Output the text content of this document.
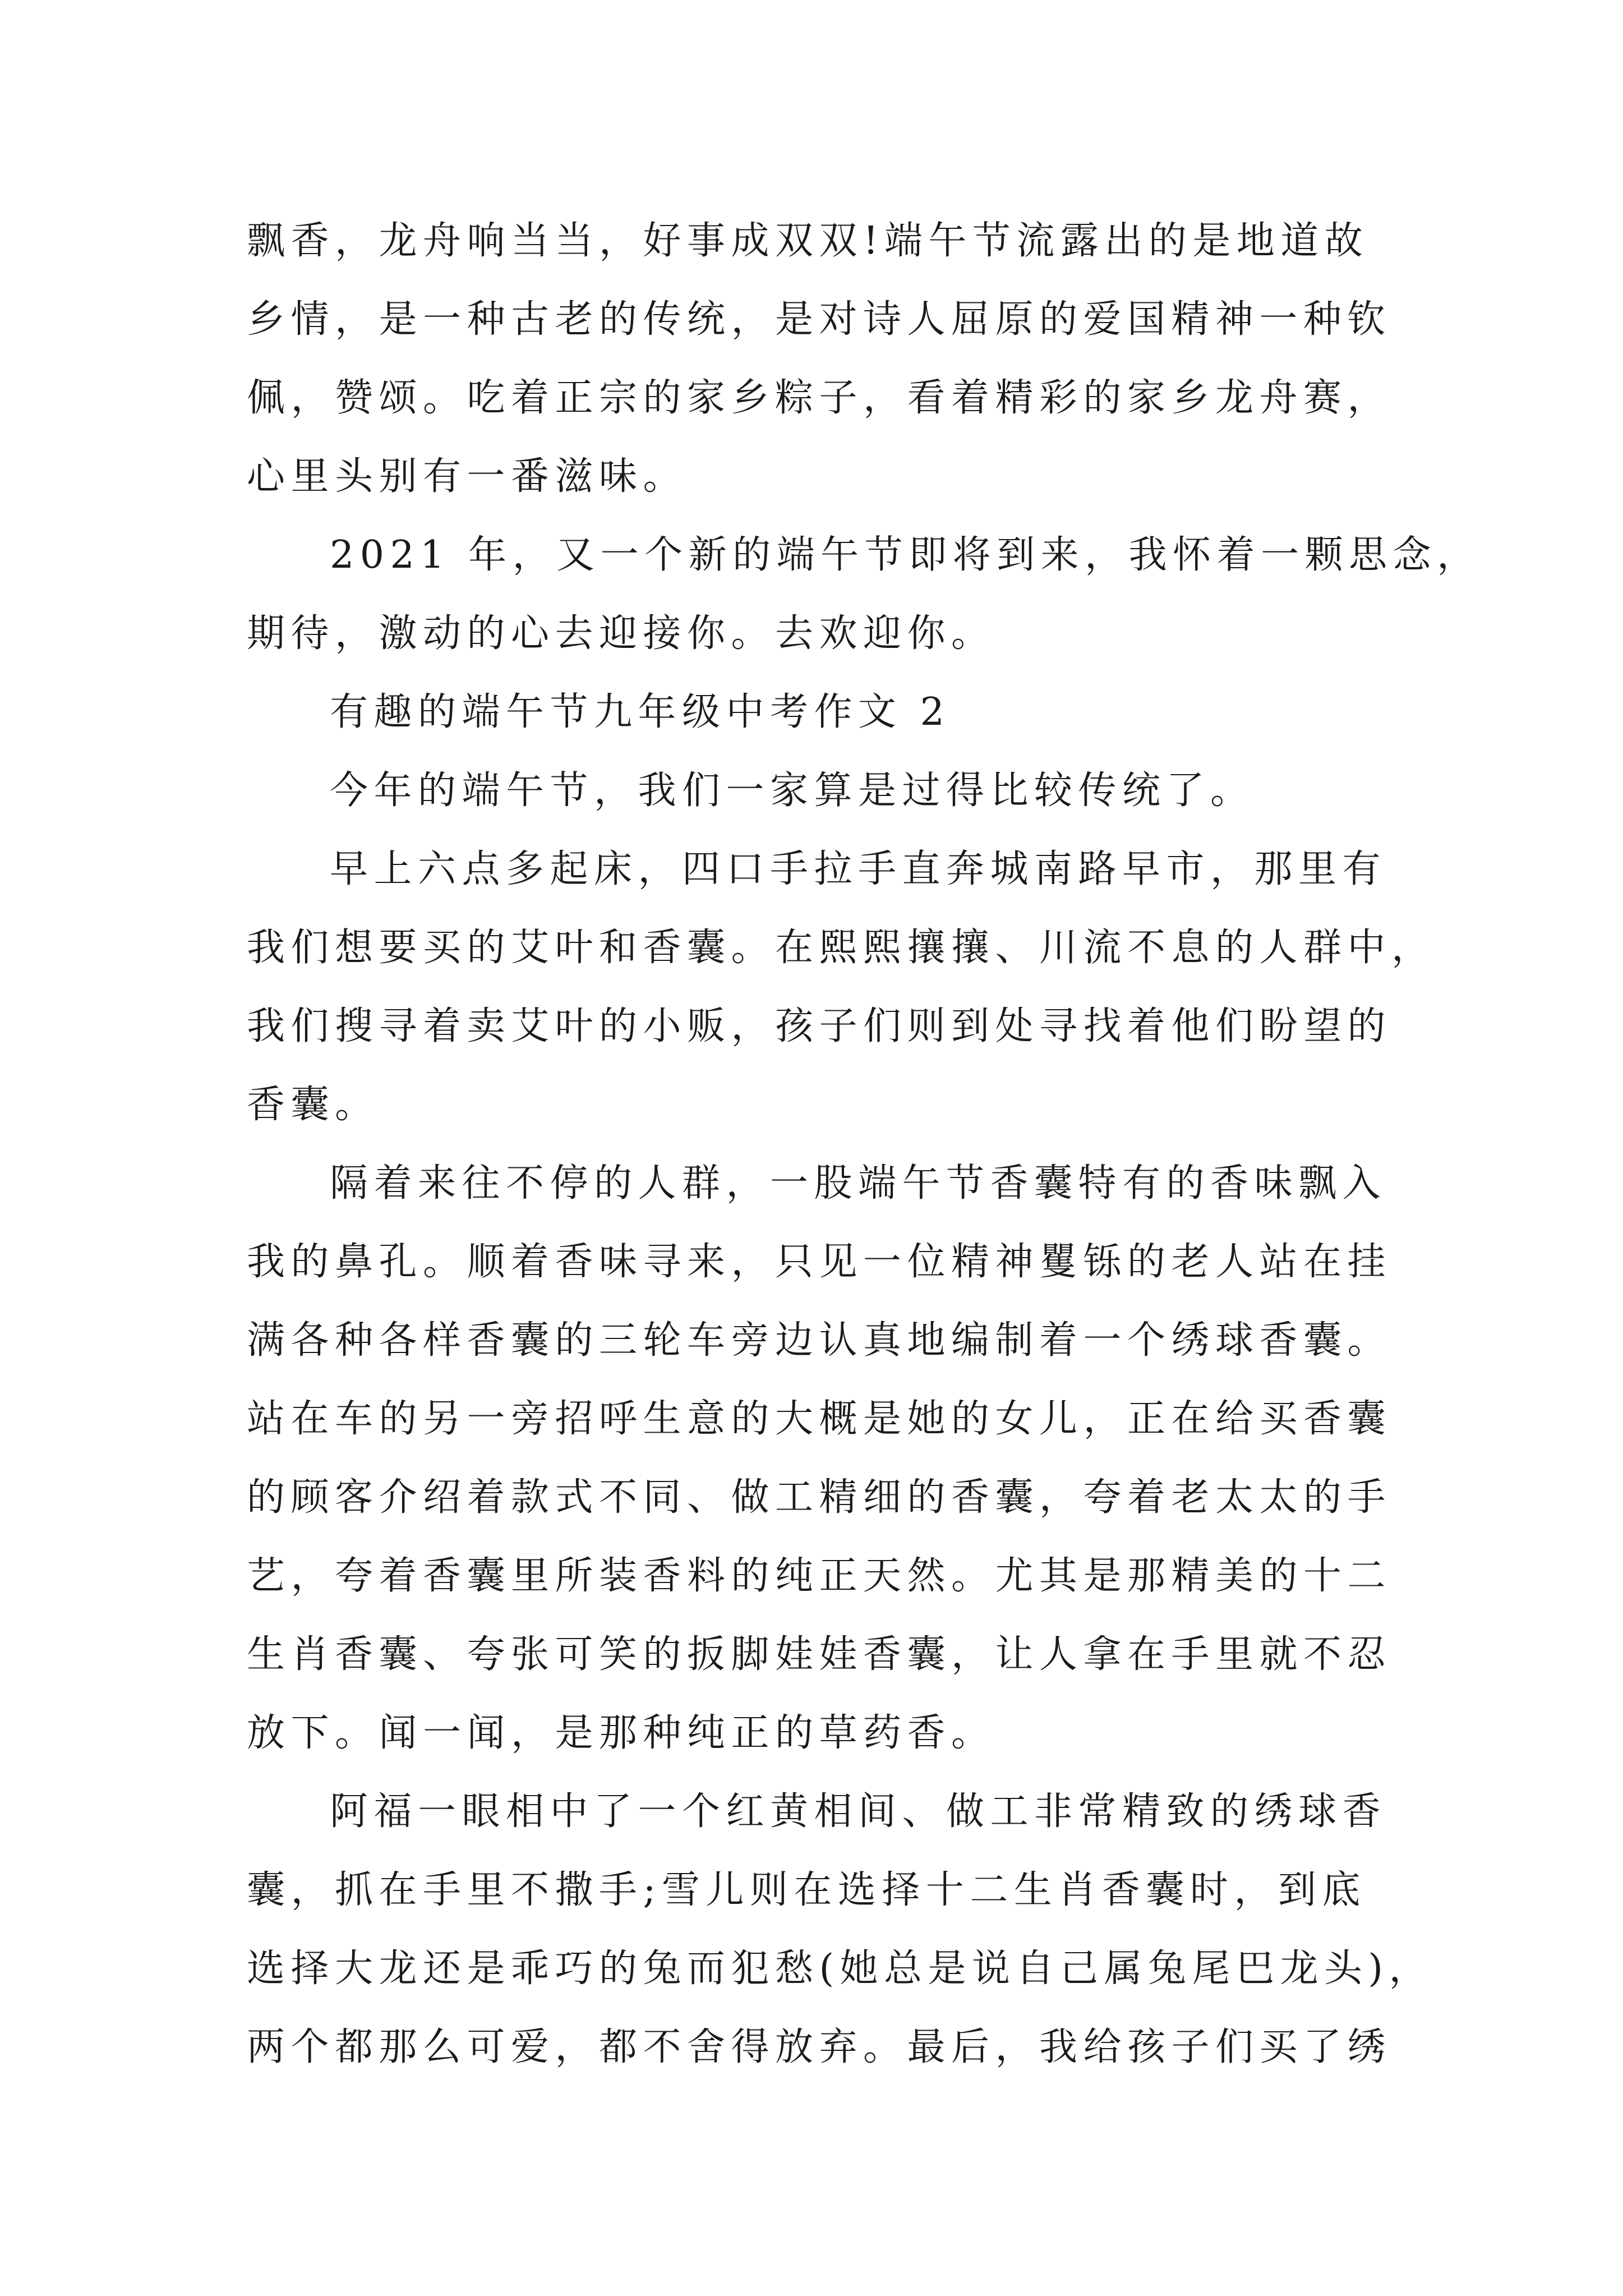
飘香，龙舟响当当，好事成双双!端午节流露出的是地道故
乡情，是一种古老的传统，是对诗人屈原的爱国精神一种钦
佩，赞颂。吃着正宗的家乡粽子，看着精彩的家乡龙舟赛，
心里头别有一番滋味。
2021 年，又一个新的端午节即将到来，我怀着一颗思念，
期待，激动的心去迎接你。去欢迎你。
有趣的端午节九年级中考作文 2
今年的端午节，我们一家算是过得比较传统了。
早上六点多起床，四口手拉手直奔城南路早市，那里有
我们想要买的艾叶和香囊。在熙熙攘攘、川流不息的人群中，
我们搜寻着卖艾叶的小贩，孩子们则到处寻找着他们盼望的
香囊。
隔着来往不停的人群，一股端午节香囊特有的香味飘入
我的鼻孔。顺着香味寻来，只见一位精神矍铄的老人站在挂
满各种各样香囊的三轮车旁边认真地编制着一个绣球香囊。
站在车的另一旁招呼生意的大概是她的女儿，正在给买香囊
的顾客介绍着款式不同、做工精细的香囊，夸着老太太的手
艺，夸着香囊里所装香料的纯正天然。尤其是那精美的十二
生肖香囊、夸张可笑的扳脚娃娃香囊，让人拿在手里就不忍
放下。闻一闻，是那种纯正的草药香。
阿福一眼相中了一个红黄相间、做工非常精致的绣球香
囊，抓在手里不撒手;雪儿则在选择十二生肖香囊时，到底
选择大龙还是乖巧的兔而犯愁(她总是说自己属兔尾巴龙头)，
两个都那么可爱，都不舍得放弃。最后，我给孩子们买了绣
